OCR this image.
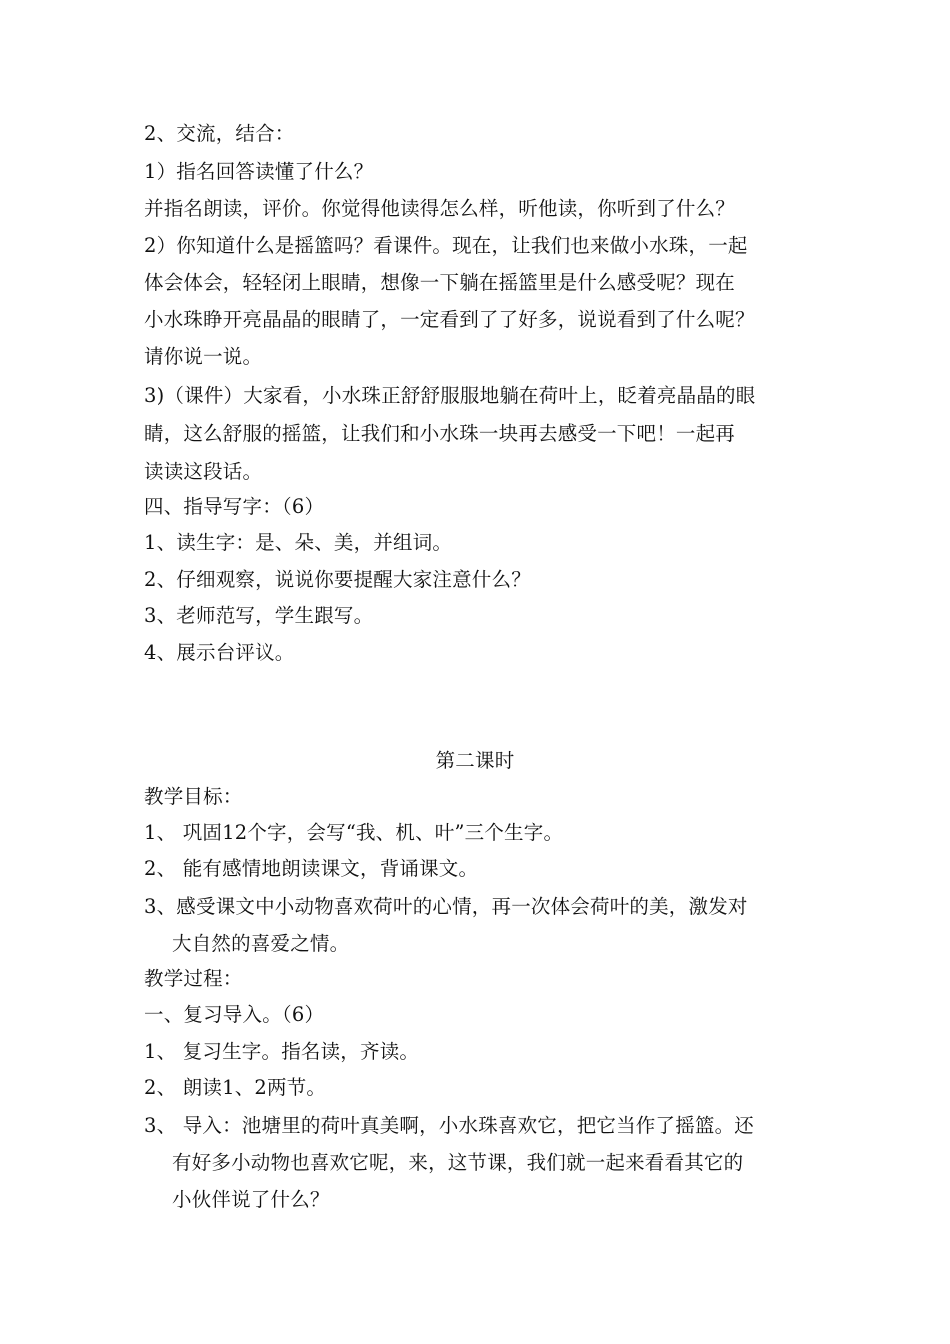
2、交流，结合：
1）指名回答读懂了什么？
并指名朗读，评价。你觉得他读得怎么样，听他读，你听到了什么？
2）你知道什么是摇篮吗？看课件。现在，让我们也来做小水珠，一起
体会体会，轻轻闭上眼睛，想像一下躺在摇篮里是什么感受呢？现在
小水珠睁开亮晶晶的眼睛了，一定看到了了好多，说说看到了什么呢？
请你说一说。
3)（课件）大家看，小水珠正舒舒服服地躺在荷叶上，眨着亮晶晶的眼
睛，这么舒服的摇篮，让我们和小水珠一块再去感受一下吧！一起再
读读这段话。
四、指导写字：（6）
1、读生字：是、朵、美，并组词。
2、仔细观察，说说你要提醒大家注意什么？
3、老师范写，学生跟写。
4、展示台评议。
第二课时
教学目标：
1、 巩固12个字，会写“我、机、叶”三个生字。
2、 能有感情地朗读课文，背诵课文。
3、感受课文中小动物喜欢荷叶的心情，再一次体会荷叶的美，激发对
大自然的喜爱之情。
教学过程：
一、复习导入。（6）
1、 复习生字。指名读，齐读。
2、 朗读1、2两节。
3、 导入：池塘里的荷叶真美啊，小水珠喜欢它，把它当作了摇篮。还
有好多小动物也喜欢它呢，来，这节课，我们就一起来看看其它的
小伙伴说了什么？
